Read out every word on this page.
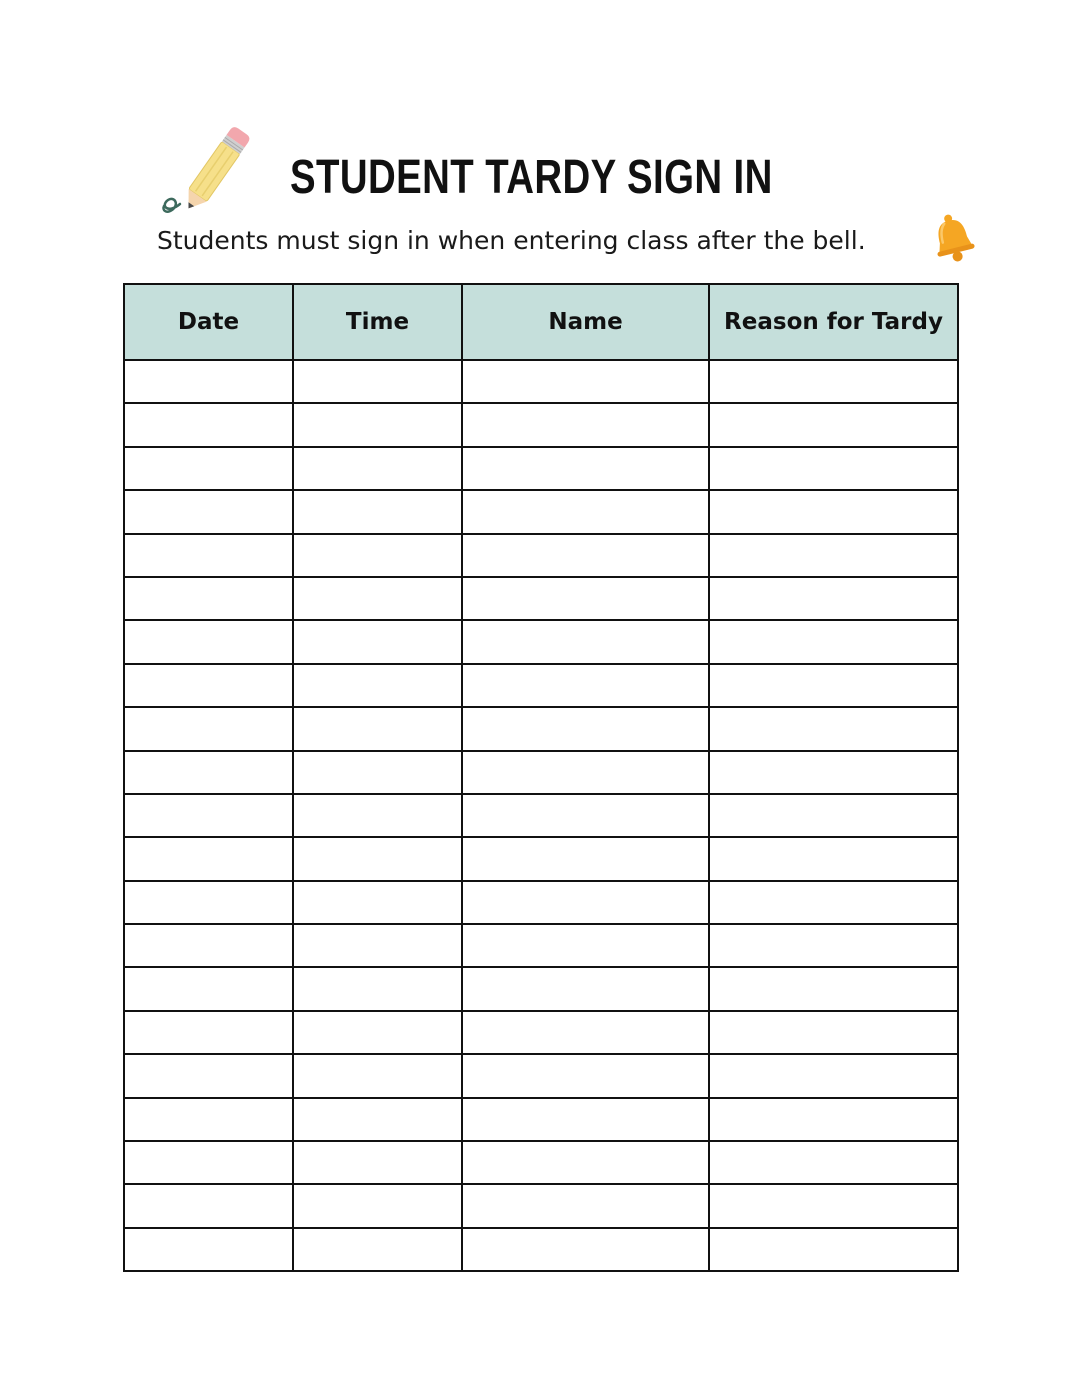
STUDENT TARDY SIGN IN
Students must sign in when entering class after the bell.
Date	Time	Name	Reason for Tardy
